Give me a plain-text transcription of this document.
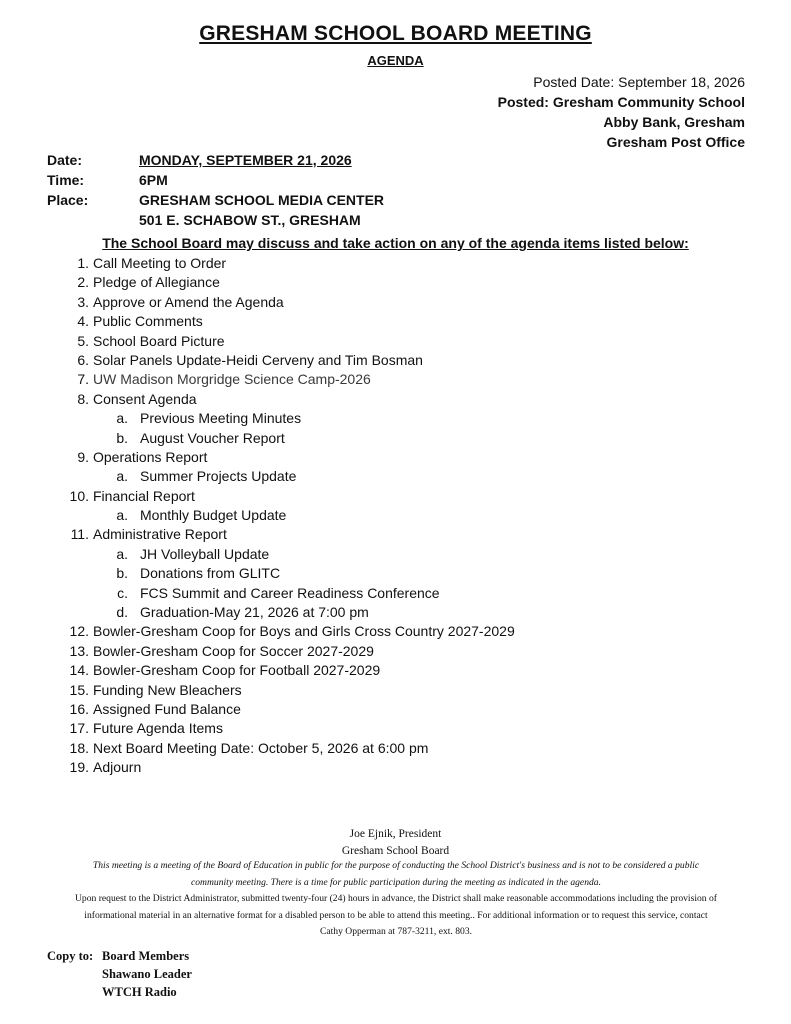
GRESHAM SCHOOL BOARD MEETING
AGENDA
Posted Date: September 18, 2026
Posted: Gresham Community School
Abby Bank, Gresham
Gresham Post Office
Date:	MONDAY, SEPTEMBER 21, 2026
Time:	6PM
Place:	GRESHAM SCHOOL MEDIA CENTER
501 E. SCHABOW ST., GRESHAM
The School Board may discuss and take action on any of the agenda items listed below:
1. Call Meeting to Order
2. Pledge of Allegiance
3. Approve or Amend the Agenda
4. Public Comments
5. School Board Picture
6. Solar Panels Update-Heidi Cerveny and Tim Bosman
7. UW Madison Morgridge Science Camp-2026
8. Consent Agenda
a. Previous Meeting Minutes
b. August Voucher Report
9. Operations Report
a. Summer Projects Update
10. Financial Report
a. Monthly Budget Update
11. Administrative Report
a. JH Volleyball Update
b. Donations from GLITC
c. FCS Summit and Career Readiness Conference
d. Graduation-May 21, 2026 at 7:00 pm
12. Bowler-Gresham Coop for Boys and Girls Cross Country 2027-2029
13. Bowler-Gresham Coop for Soccer 2027-2029
14. Bowler-Gresham Coop for Football 2027-2029
15. Funding New Bleachers
16. Assigned Fund Balance
17. Future Agenda Items
18. Next Board Meeting Date: October 5, 2026 at 6:00 pm
19. Adjourn
Joe Ejnik, President
Gresham School Board
This meeting is a meeting of the Board of Education in public for the purpose of conducting the School District's business and is not to be considered a public
community meeting. There is a time for public participation during the meeting as indicated in the agenda.
Upon request to the District Administrator, submitted twenty-four (24) hours in advance, the District shall make reasonable accommodations including the provision of
informational material in an alternative format for a disabled person to be able to attend this meeting.. For additional information or to request this service, contact
Cathy Opperman at 787-3211, ext. 803.
Copy to: Board Members
Shawano Leader
WTCH Radio
